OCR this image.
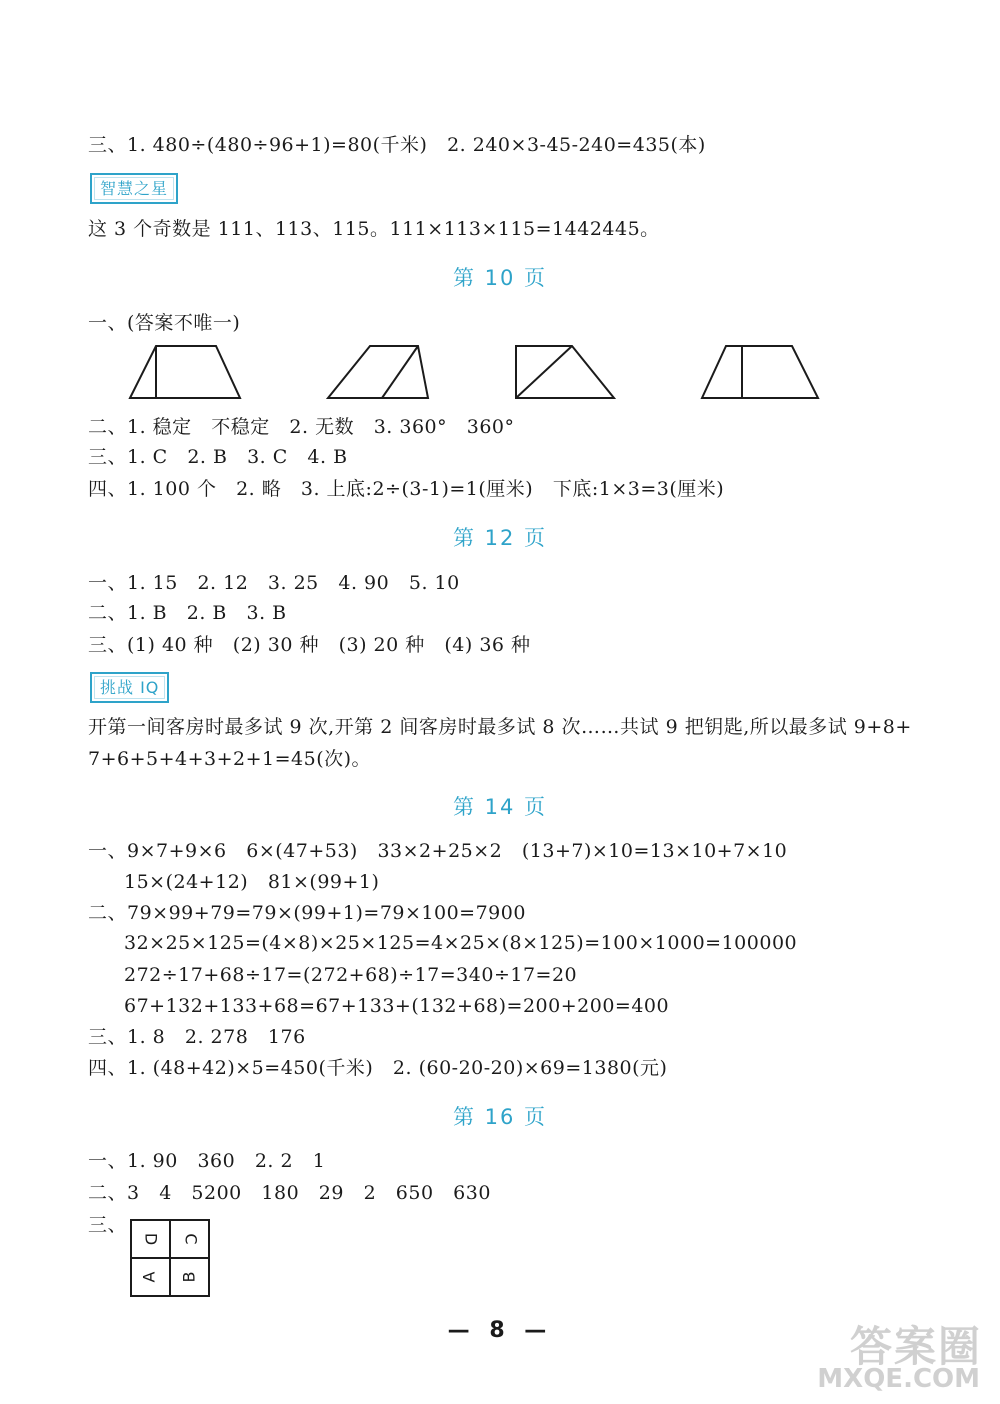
三、1. 480÷(480÷96+1)=80(千米)   2. 240×3-45-240=435(本)
智慧之星
这 3 个奇数是 111、113、115。111×113×115=1442445。
第 10 页
一、(答案不唯一)
二、1. 稳定   不稳定   2. 无数   3. 360°   360°
三、1. C   2. B   3. C   4. B
四、1. 100 个   2. 略   3. 上底:2÷(3-1)=1(厘米)   下底:1×3=3(厘米)
第 12 页
一、1. 15   2. 12   3. 25   4. 90   5. 10
二、1. B   2. B   3. B
三、(1) 40 种   (2) 30 种   (3) 20 种   (4) 36 种
挑战 IQ
开第一间客房时最多试 9 次,开第 2 间客房时最多试 8 次……共试 9 把钥匙,所以最多试 9+8+
7+6+5+4+3+2+1=45(次)。
第 14 页
一、9×7+9×6   6×(47+53)   33×2+25×2   (13+7)×10=13×10+7×10
15×(24+12)   81×(99+1)
二、79×99+79=79×(99+1)=79×100=7900
32×25×125=(4×8)×25×125=4×25×(8×125)=100×1000=100000
272÷17+68÷17=(272+68)÷17=340÷17=20
67+132+133+68=67+133+(132+68)=200+200=400
三、1. 8   2. 278   176
四、1. (48+42)×5=450(千米)   2. (60-20-20)×69=1380(元)
第 16 页
一、1. 90   360   2. 2   1
二、3   4   5200   180   29   2   650   630
三、
D C
A B
— 8 —	答案圈
MXQE.COM
